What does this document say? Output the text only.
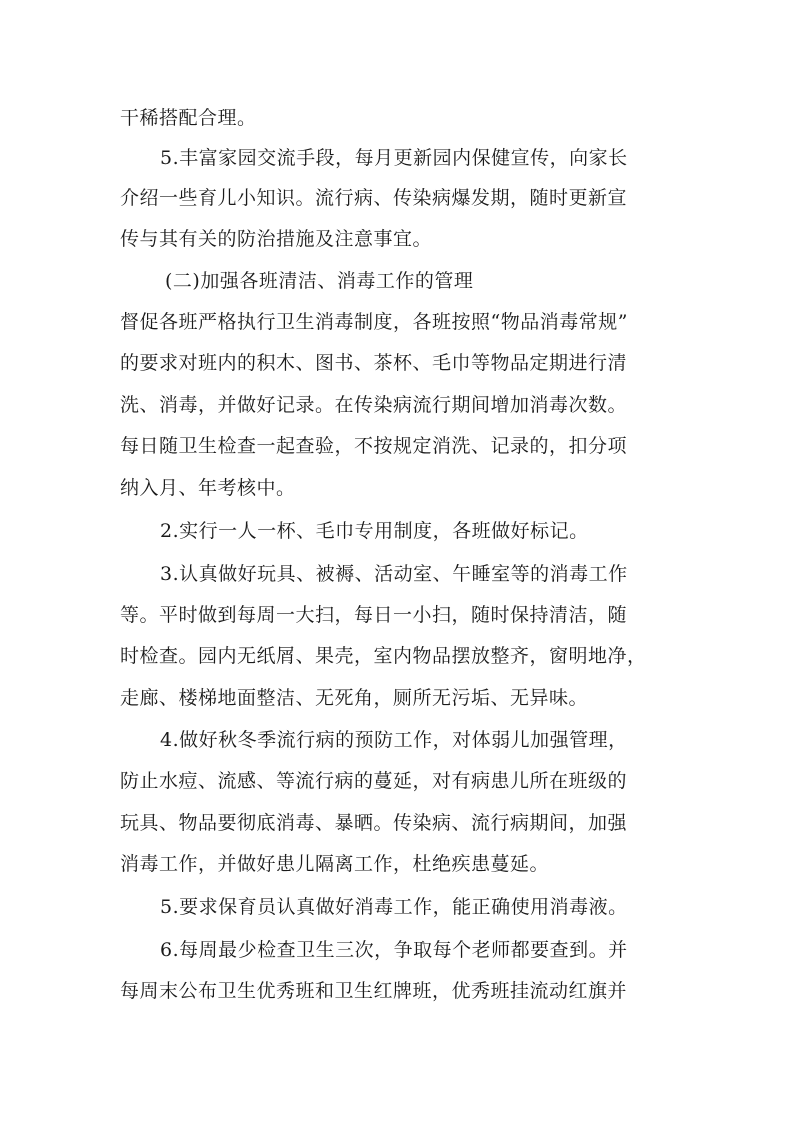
干稀搭配合理。
5.丰富家园交流手段，每月更新园内保健宣传，向家长
介绍一些育儿小知识。流行病、传染病爆发期，随时更新宣
传与其有关的防治措施及注意事宜。
(二)加强各班清洁、消毒工作的管理
督促各班严格执行卫生消毒制度，各班按照“物品消毒常规”
的要求对班内的积木、图书、茶杯、毛巾等物品定期进行清
洗、消毒，并做好记录。在传染病流行期间增加消毒次数。
每日随卫生检查一起查验，不按规定消洗、记录的，扣分项
纳入月、年考核中。
2.实行一人一杯、毛巾专用制度，各班做好标记。
3.认真做好玩具、被褥、活动室、午睡室等的消毒工作
等。平时做到每周一大扫，每日一小扫，随时保持清洁，随
时检查。园内无纸屑、果壳，室内物品摆放整齐，窗明地净，
走廊、楼梯地面整洁、无死角，厕所无污垢、无异味。
4.做好秋冬季流行病的预防工作，对体弱儿加强管理，
防止水痘、流感、等流行病的蔓延，对有病患儿所在班级的
玩具、物品要彻底消毒、暴晒。传染病、流行病期间，加强
消毒工作，并做好患儿隔离工作，杜绝疾患蔓延。
5.要求保育员认真做好消毒工作，能正确使用消毒液。
6.每周最少检查卫生三次，争取每个老师都要查到。并
每周末公布卫生优秀班和卫生红牌班，优秀班挂流动红旗并
